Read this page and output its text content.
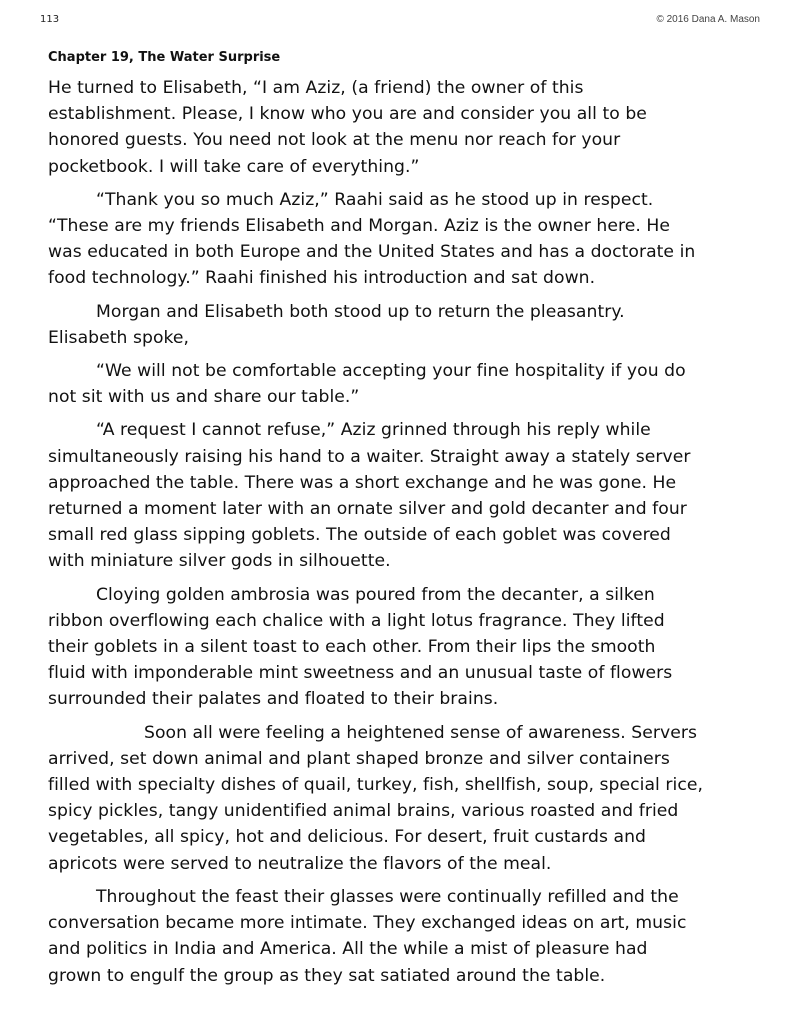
113	© 2016 Dana A. Mason
Chapter 19, The Water Surprise

He turned to Elisabeth, “I am Aziz, (a friend) the owner of this
establishment. Please, I know who you are and consider you all to be
honored guests. You need not look at the menu nor reach for your
pocketbook. I will take care of everything.”

“Thank you so much Aziz,” Raahi said as he stood up in respect.
“These are my friends Elisabeth and Morgan. Aziz is the owner here. He
was educated in both Europe and the United States and has a doctorate in
food technology.” Raahi finished his introduction and sat down.

Morgan and Elisabeth both stood up to return the pleasantry.
Elisabeth spoke,

“We will not be comfortable accepting your fine hospitality if you do
not sit with us and share our table.”

“A request I cannot refuse,” Aziz grinned through his reply while
simultaneously raising his hand to a waiter. Straight away a stately server
approached the table. There was a short exchange and he was gone. He
returned a moment later with an ornate silver and gold decanter and four
small red glass sipping goblets. The outside of each goblet was covered
with miniature silver gods in silhouette.

Cloying golden ambrosia was poured from the decanter, a silken
ribbon overflowing each chalice with a light lotus fragrance. They lifted
their goblets in a silent toast to each other. From their lips the smooth
fluid with imponderable mint sweetness and an unusual taste of flowers
surrounded their palates and floated to their brains.

Soon all were feeling a heightened sense of awareness. Servers
arrived, set down animal and plant shaped bronze and silver containers
filled with specialty dishes of quail, turkey, fish, shellfish, soup, special rice,
spicy pickles, tangy unidentified animal brains, various roasted and fried
vegetables, all spicy, hot and delicious. For desert, fruit custards and
apricots were served to neutralize the flavors of the meal.

Throughout the feast their glasses were continually refilled and the
conversation became more intimate. They exchanged ideas on art, music
and politics in India and America. All the while a mist of pleasure had
grown to engulf the group as they sat satiated around the table.
